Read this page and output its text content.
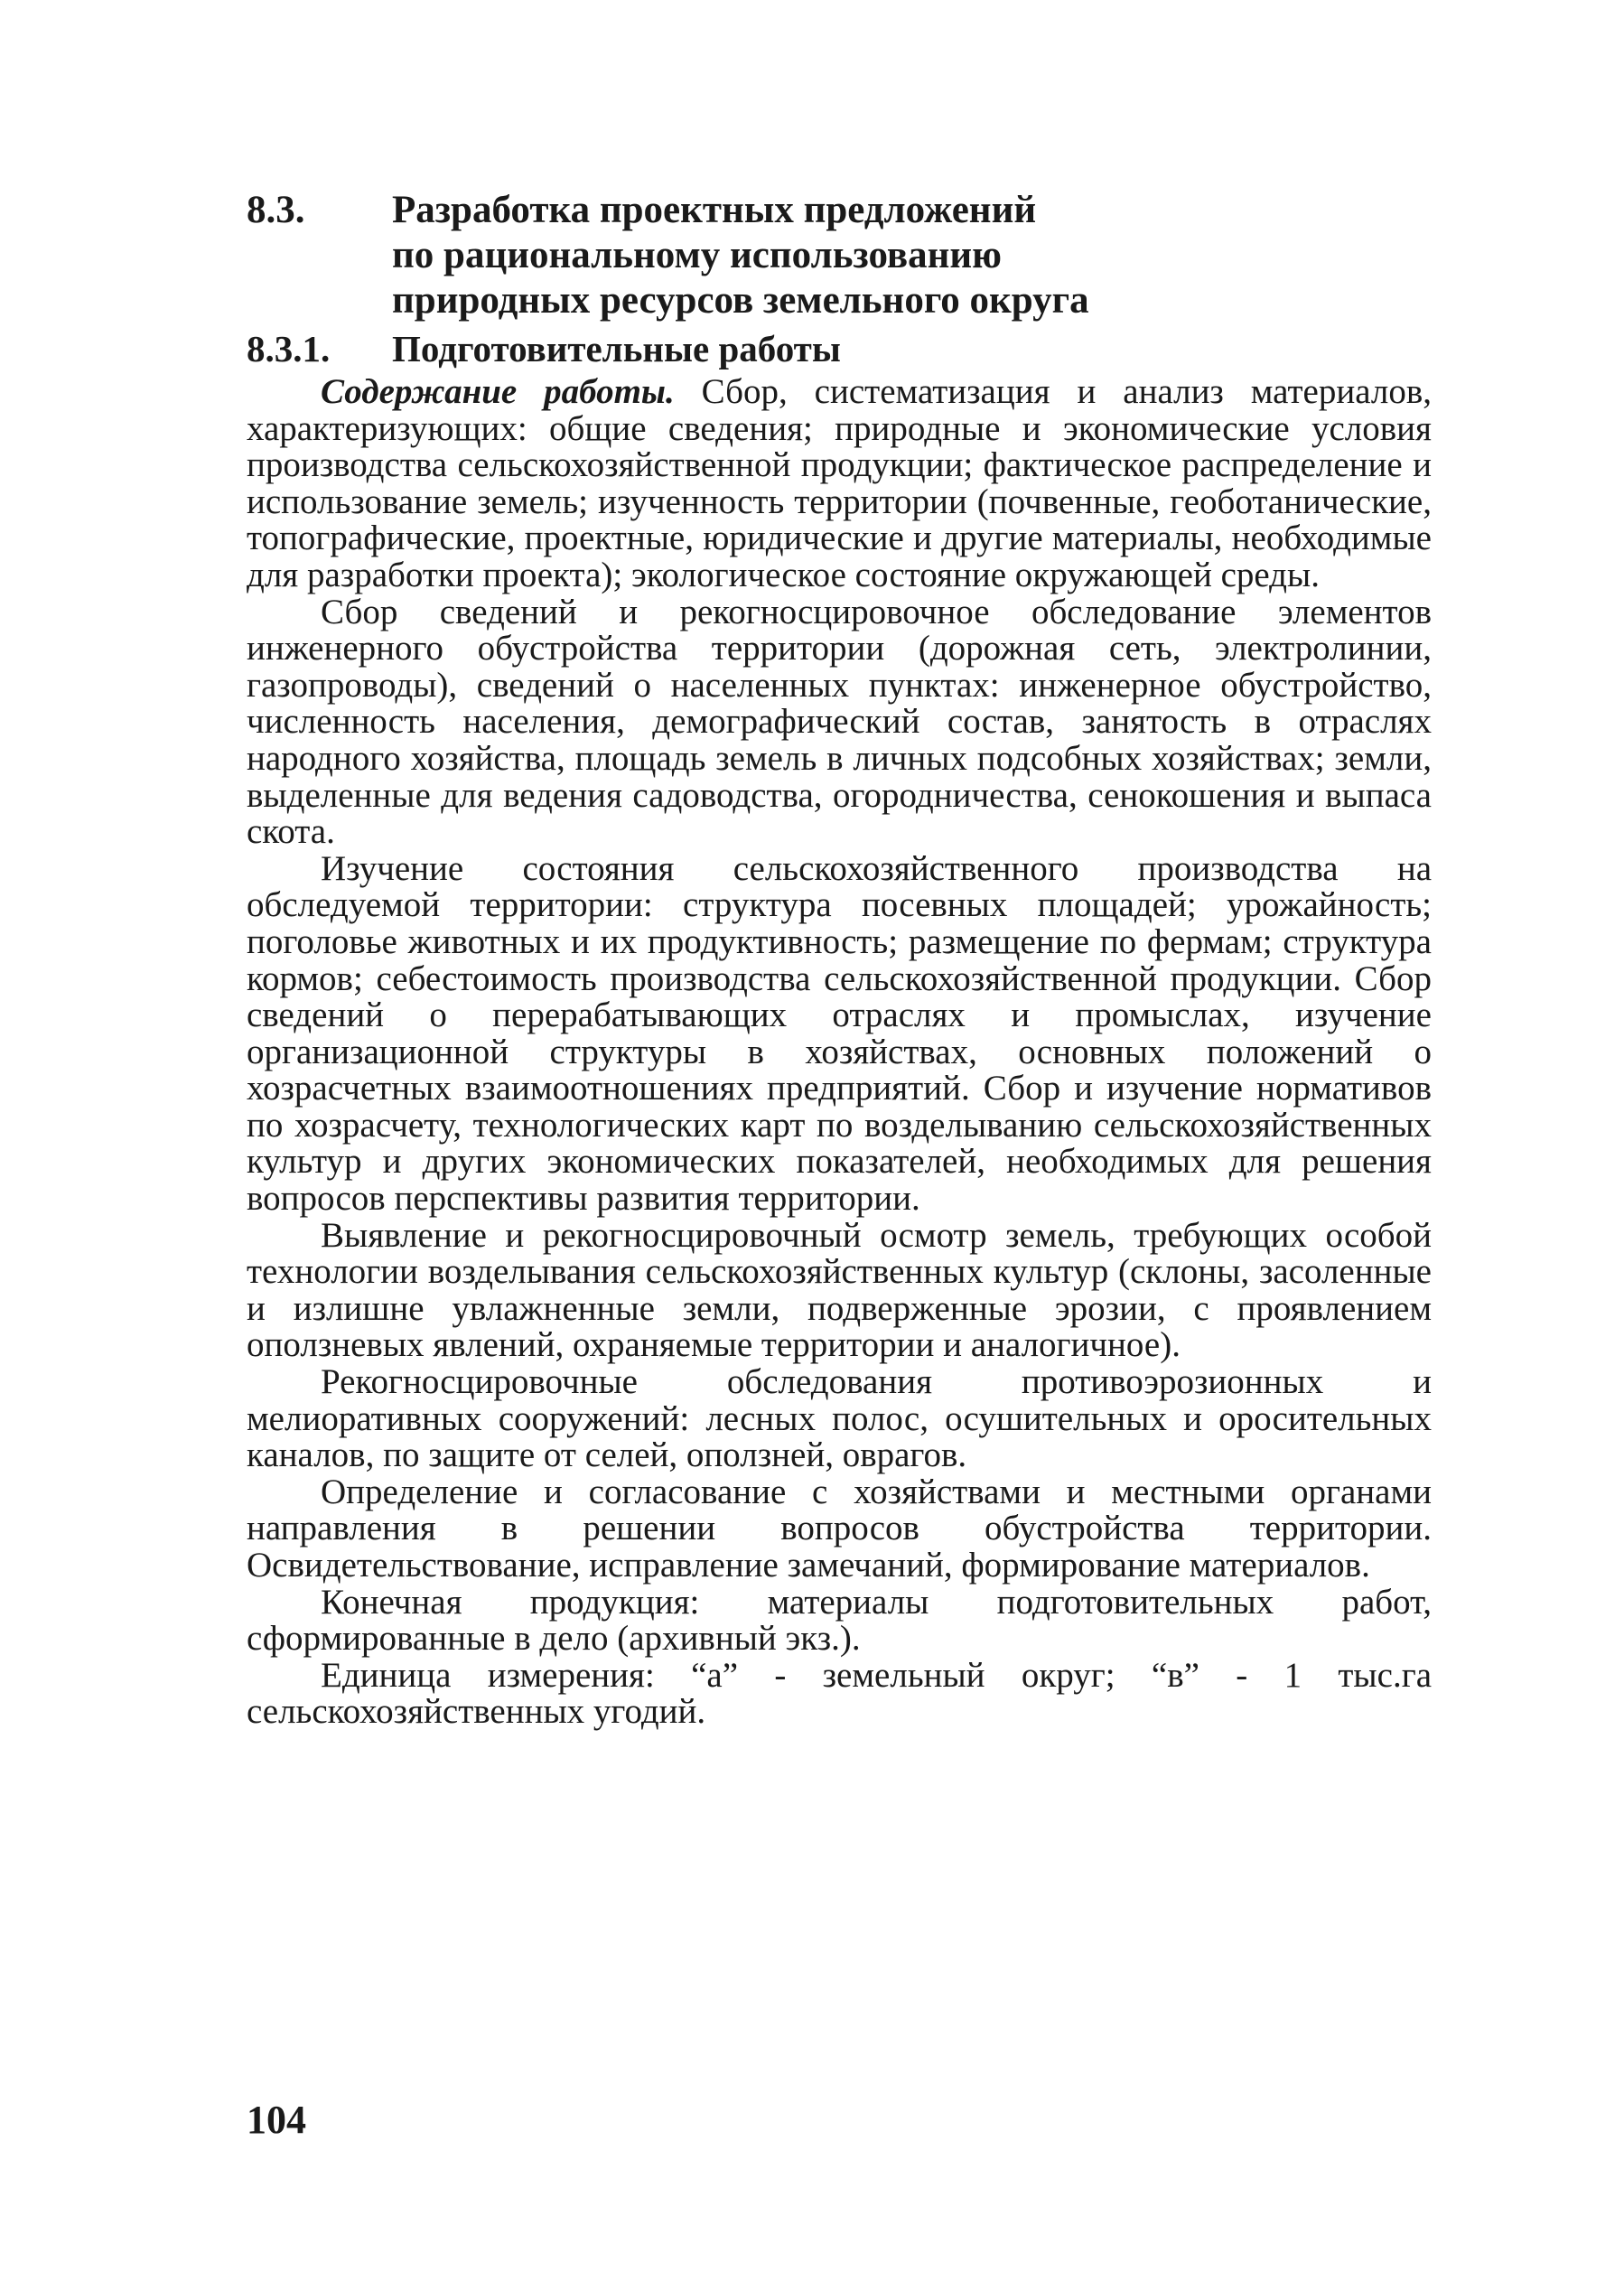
8.3.	Разработка проектных предложений
по рациональному использованию
природных ресурсов земельного округа
8.3.1.	Подготовительные работы

Содержание работы. Сбор, систематизация и анализ материалов, характеризующих: общие сведения; природные и экономические условия производства сельскохозяйственной продукции; фактическое распределение и использование земель; изученность территории (почвенные, геоботанические, топографические, проектные, юридические и другие материалы, необходимые для разработки проекта); экологическое состояние окружающей среды.

Сбор сведений и рекогносцировочное обследование элементов инженерного обустройства территории (дорожная сеть, электролинии, газопроводы), сведений о населенных пунктах: инженерное обустройство, численность населения, демографический состав, занятость в отраслях народного хозяйства, площадь земель в личных подсобных хозяйствах; земли, выделенные для ведения садоводства, огородничества, сенокошения и выпаса скота.

Изучение состояния сельскохозяйственного производства на обследуемой территории: структура посевных площадей; урожайность; поголовье животных и их продуктивность; размещение по фермам; структура кормов; себестоимость производства сельскохозяйственной продукции. Сбор сведений о перерабатывающих отраслях и промыслах, изучение организационной структуры в хозяйствах, основных положений о хозрасчетных взаимоотношениях предприятий. Сбор и изучение нормативов по хозрасчету, технологических карт по возделыванию сельскохозяйственных культур и других экономических показателей, необходимых для решения вопросов перспективы развития территории.

Выявление и рекогносцировочный осмотр земель, требующих особой технологии возделывания сельскохозяйственных культур (склоны, засоленные и излишне увлажненные земли, подверженные эрозии, с проявлением оползневых явлений, охраняемые территории и аналогичное).

Рекогносцировочные обследования противоэрозионных и мелиоративных сооружений: лесных полос, осушительных и оросительных каналов, по защите от селей, оползней, оврагов.

Определение и согласование с хозяйствами и местными органами направления в решении вопросов обустройства территории. Освидетельствование, исправление замечаний, формирование материалов.

Конечная продукция: материалы подготовительных работ, сформированные в дело (архивный экз.).

Единица измерения: “а” - земельный округ; “в” - 1 тыс.га сельскохозяйственных угодий.

104
